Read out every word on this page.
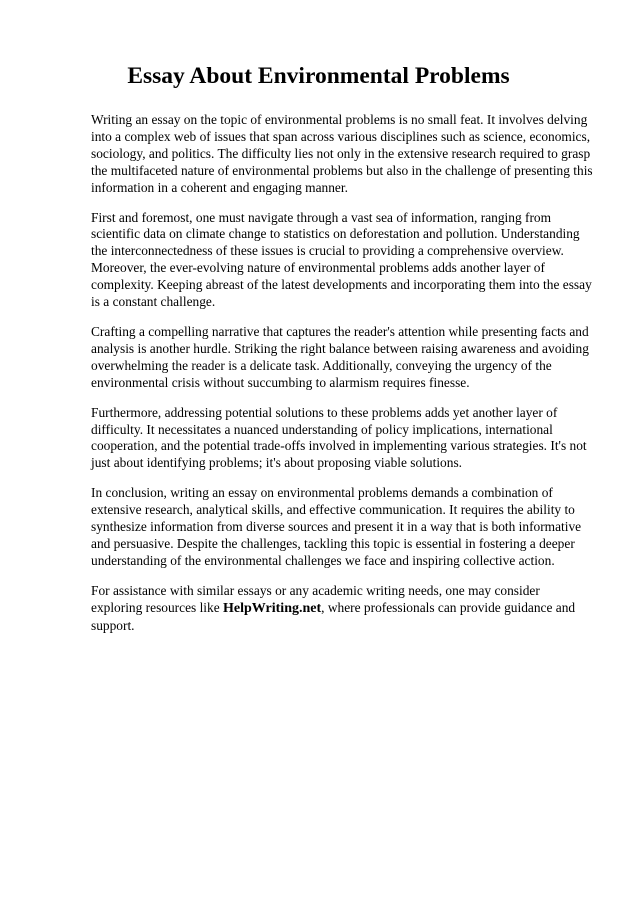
Essay About Environmental Problems

Writing an essay on the topic of environmental problems is no small feat. It involves delving into a complex web of issues that span across various disciplines such as science, economics, sociology, and politics. The difficulty lies not only in the extensive research required to grasp the multifaceted nature of environmental problems but also in the challenge of presenting this information in a coherent and engaging manner.

First and foremost, one must navigate through a vast sea of information, ranging from scientific data on climate change to statistics on deforestation and pollution. Understanding the interconnectedness of these issues is crucial to providing a comprehensive overview. Moreover, the ever-evolving nature of environmental problems adds another layer of complexity. Keeping abreast of the latest developments and incorporating them into the essay is a constant challenge.

Crafting a compelling narrative that captures the reader's attention while presenting facts and analysis is another hurdle. Striking the right balance between raising awareness and avoiding overwhelming the reader is a delicate task. Additionally, conveying the urgency of the environmental crisis without succumbing to alarmism requires finesse.

Furthermore, addressing potential solutions to these problems adds yet another layer of difficulty. It necessitates a nuanced understanding of policy implications, international cooperation, and the potential trade-offs involved in implementing various strategies. It's not just about identifying problems; it's about proposing viable solutions.

In conclusion, writing an essay on environmental problems demands a combination of extensive research, analytical skills, and effective communication. It requires the ability to synthesize information from diverse sources and present it in a way that is both informative and persuasive. Despite the challenges, tackling this topic is essential in fostering a deeper understanding of the environmental challenges we face and inspiring collective action.

For assistance with similar essays or any academic writing needs, one may consider exploring resources like HelpWriting.net, where professionals can provide guidance and support.
